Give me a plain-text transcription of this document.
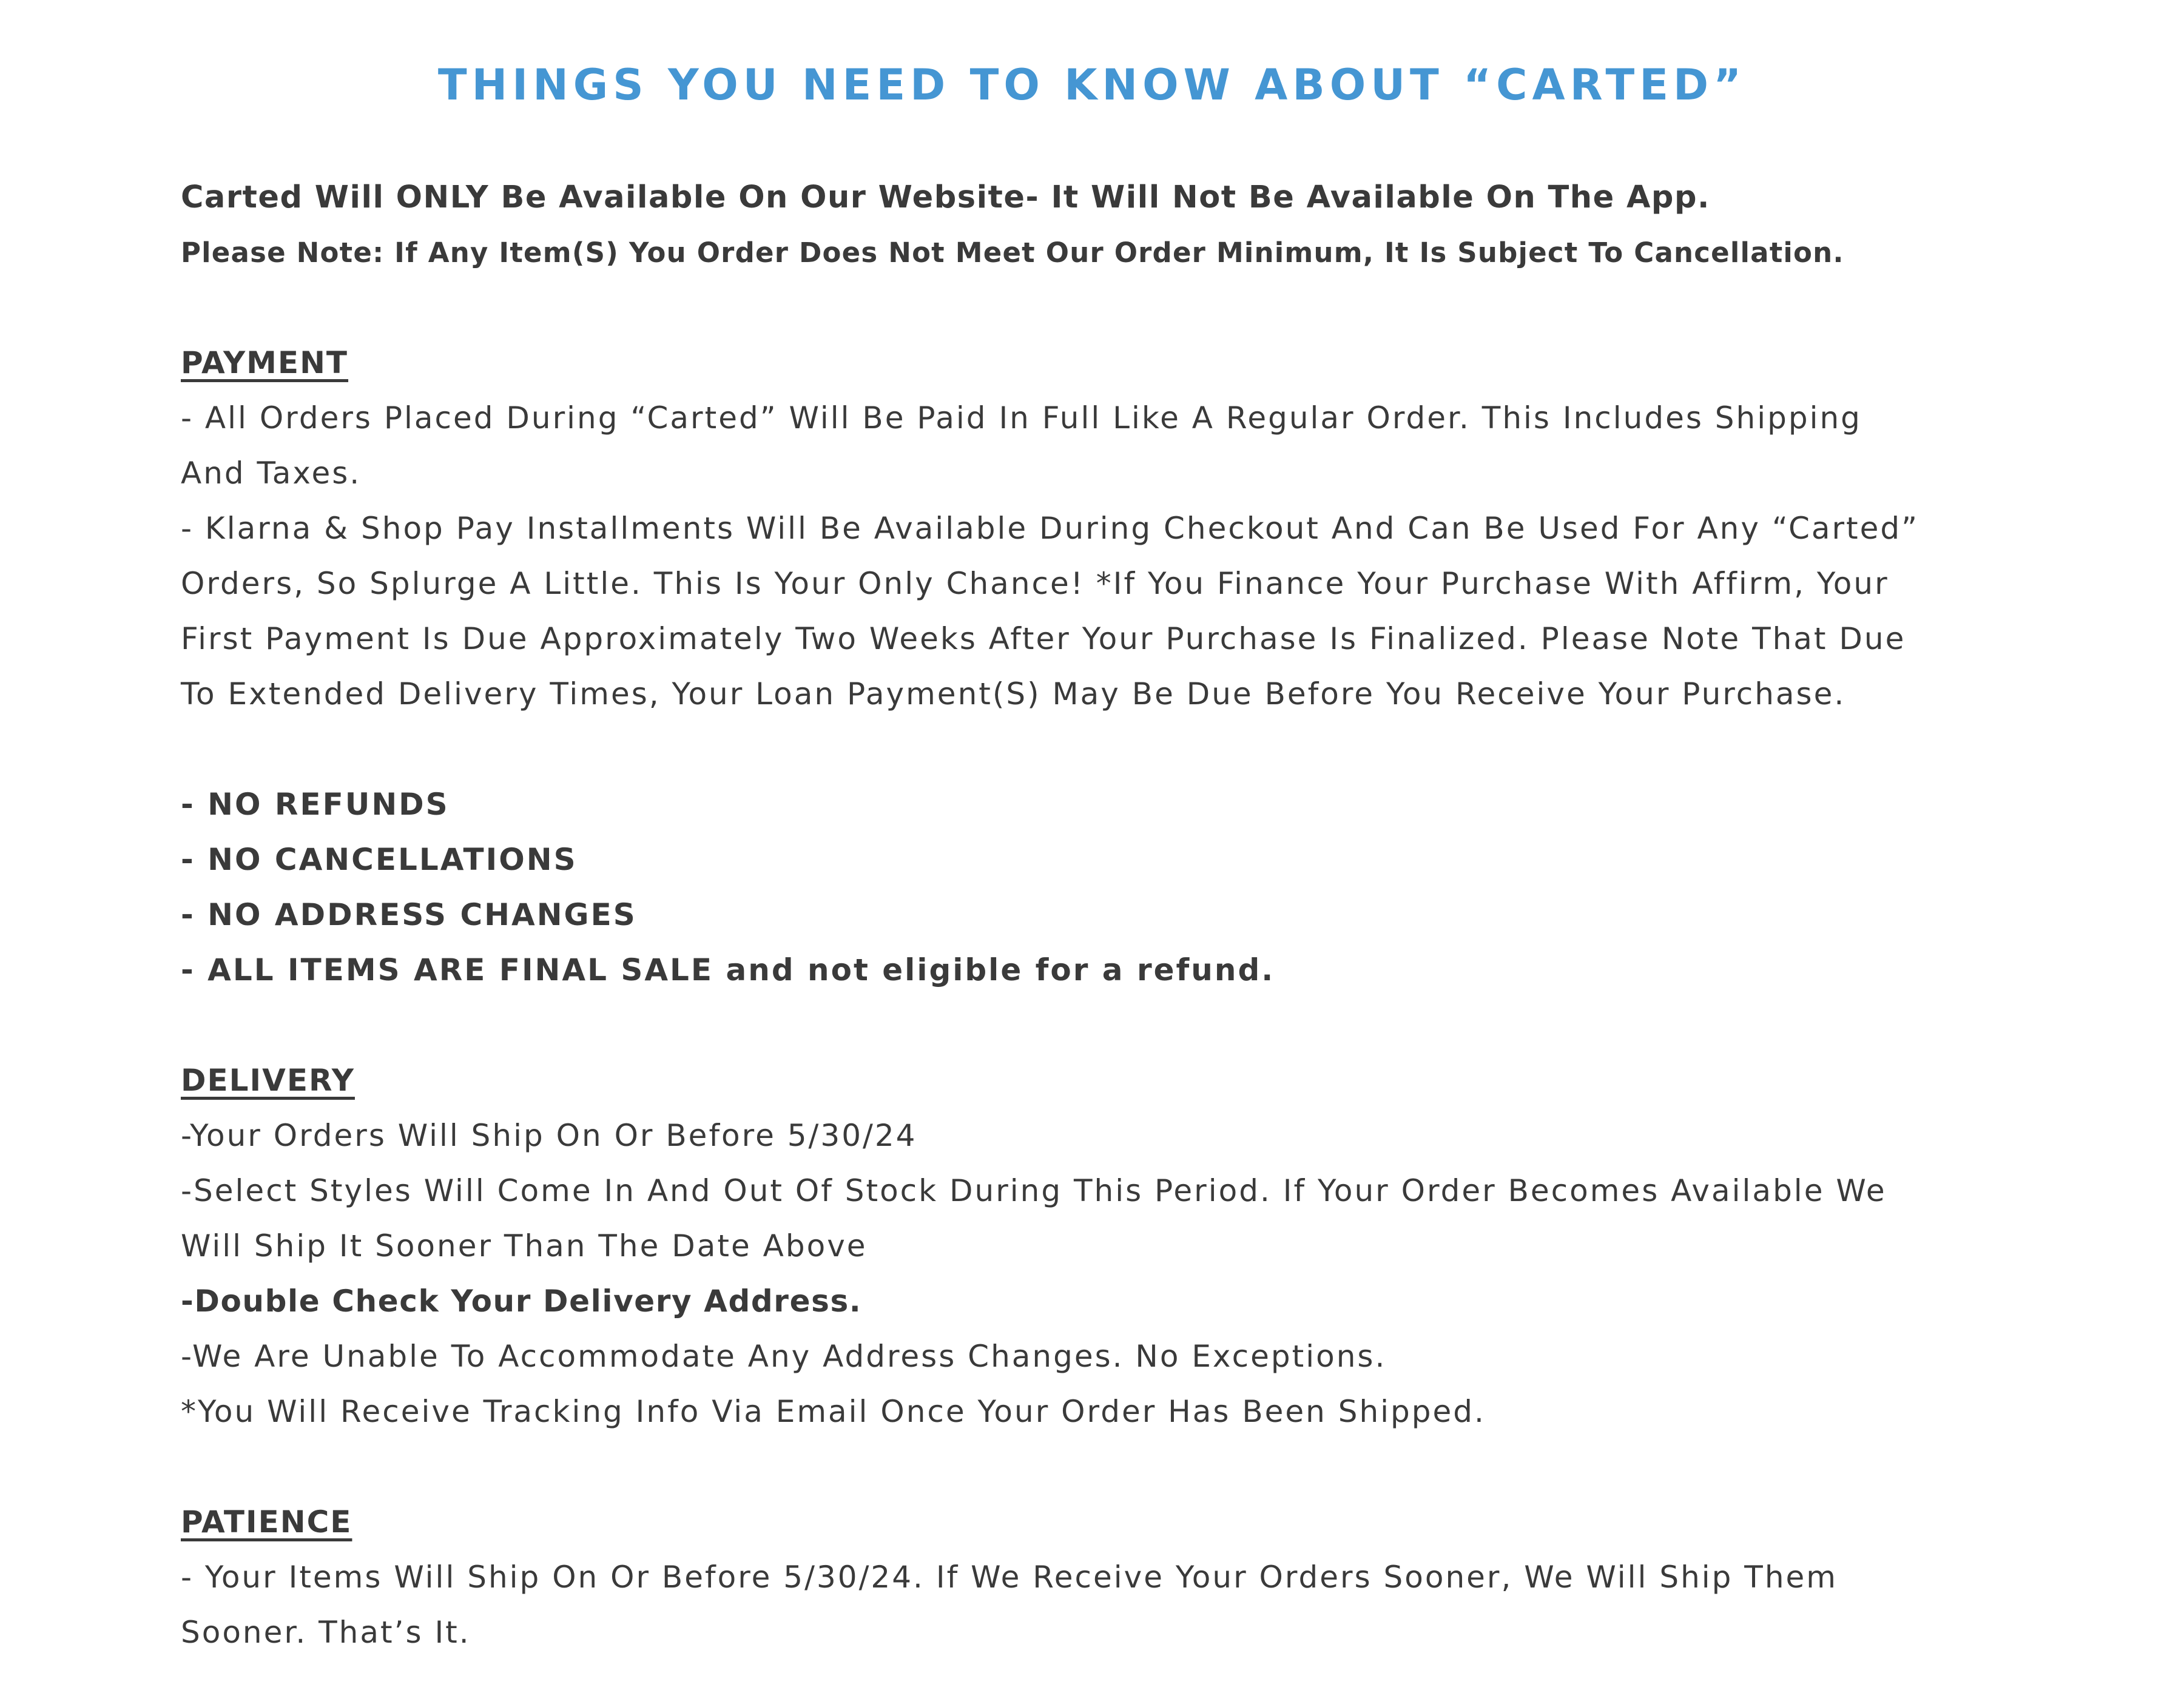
THINGS YOU NEED TO KNOW ABOUT “CARTED”
Carted Will ONLY Be Available On Our Website- It Will Not Be Available On The App.
Please Note: If Any Item(S) You Order Does Not Meet Our Order Minimum, It Is Subject To Cancellation.
PAYMENT
- All Orders Placed During “Carted” Will Be Paid In Full Like A Regular Order. This Includes Shipping
And Taxes.
- Klarna & Shop Pay Installments Will Be Available During Checkout And Can Be Used For Any “Carted”
Orders, So Splurge A Little. This Is Your Only Chance! *If You Finance Your Purchase With Affirm, Your
First Payment Is Due Approximately Two Weeks After Your Purchase Is Finalized. Please Note That Due
To Extended Delivery Times, Your Loan Payment(S) May Be Due Before You Receive Your Purchase.
- NO REFUNDS
- NO CANCELLATIONS
- NO ADDRESS CHANGES
- ALL ITEMS ARE FINAL SALE and not eligible for a refund.
DELIVERY
-Your Orders Will Ship On Or Before 5/30/24
-Select Styles Will Come In And Out Of Stock During This Period. If Your Order Becomes Available We
Will Ship It Sooner Than The Date Above
-Double Check Your Delivery Address.
-We Are Unable To Accommodate Any Address Changes. No Exceptions.
*You Will Receive Tracking Info Via Email Once Your Order Has Been Shipped.
PATIENCE
- Your Items Will Ship On Or Before 5/30/24. If We Receive Your Orders Sooner, We Will Ship Them
Sooner. That’s It.
